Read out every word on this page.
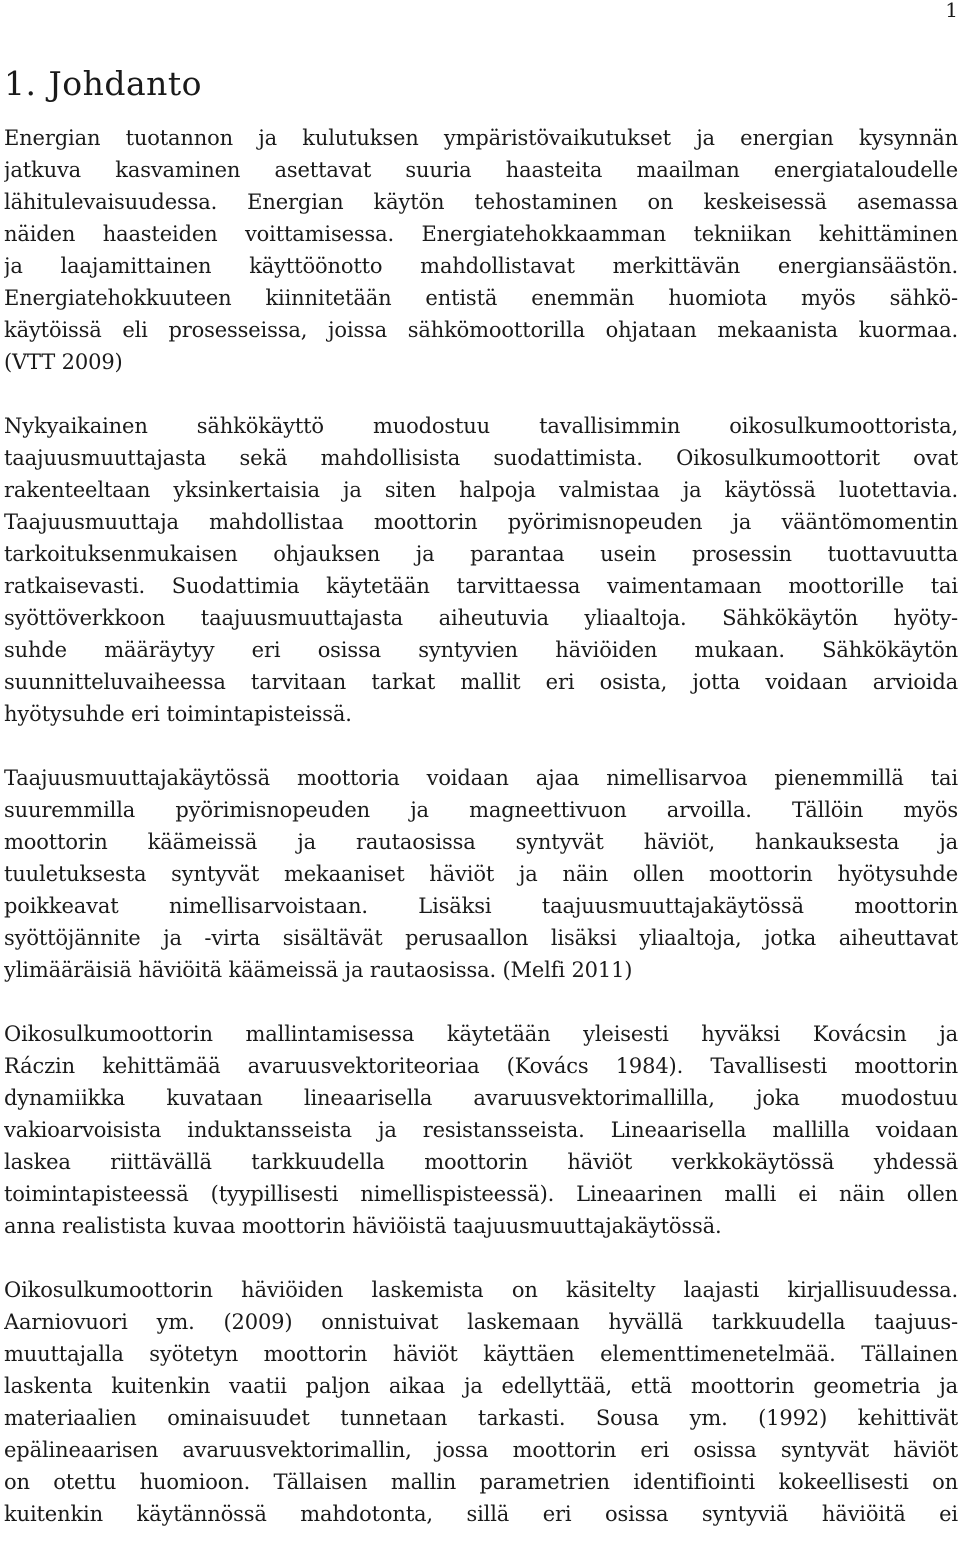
1
1. Johdanto

Energian tuotannon ja kulutuksen ympäristövaikutukset ja energian kysynnän
jatkuva kasvaminen asettavat suuria haasteita maailman energiataloudelle
lähitulevaisuudessa. Energian käytön tehostaminen on keskeisessä asemassa
näiden haasteiden voittamisessa. Energiatehokkaamman tekniikan kehittäminen
ja laajamittainen käyttöönotto mahdollistavat merkittävän energiansäästön.
Energiatehokkuuteen kiinnitetään entistä enemmän huomiota myös sähkö-
käytöissä eli prosesseissa, joissa sähkömoottorilla ohjataan mekaanista kuormaa.
(VTT 2009)

Nykyaikainen sähkökäyttö muodostuu tavallisimmin oikosulkumoottorista,
taajuusmuuttajasta sekä mahdollisista suodattimista. Oikosulkumoottorit ovat
rakenteeltaan yksinkertaisia ja siten halpoja valmistaa ja käytössä luotettavia.
Taajuusmuuttaja mahdollistaa moottorin pyörimisnopeuden ja vääntömomentin
tarkoituksenmukaisen ohjauksen ja parantaa usein prosessin tuottavuutta
ratkaisevasti. Suodattimia käytetään tarvittaessa vaimentamaan moottorille tai
syöttöverkkoon taajuusmuuttajasta aiheutuvia yliaaltoja. Sähkökäytön hyöty-
suhde määräytyy eri osissa syntyvien häviöiden mukaan. Sähkökäytön
suunnitteluvaiheessa tarvitaan tarkat mallit eri osista, jotta voidaan arvioida
hyötysuhde eri toimintapisteissä.

Taajuusmuuttajakäytössä moottoria voidaan ajaa nimellisarvoa pienemmillä tai
suuremmilla pyörimisnopeuden ja magneettivuon arvoilla. Tällöin myös
moottorin käämeissä ja rautaosissa syntyvät häviöt, hankauksesta ja
tuuletuksesta syntyvät mekaaniset häviöt ja näin ollen moottorin hyötysuhde
poikkeavat nimellisarvoistaan. Lisäksi taajuusmuuttajakäytössä moottorin
syöttöjännite ja -virta sisältävät perusaallon lisäksi yliaaltoja, jotka aiheuttavat
ylimääräisiä häviöitä käämeissä ja rautaosissa. (Melfi 2011)

Oikosulkumoottorin mallintamisessa käytetään yleisesti hyväksi Kovácsin ja
Ráczin kehittämää avaruusvektoriteoriaa (Kovács 1984). Tavallisesti moottorin
dynamiikka kuvataan lineaarisella avaruusvektorimallilla, joka muodostuu
vakioarvoisista induktansseista ja resistansseista. Lineaarisella mallilla voidaan
laskea riittävällä tarkkuudella moottorin häviöt verkkokäytössä yhdessä
toimintapisteessä (tyypillisesti nimellispisteessä). Lineaarinen malli ei näin ollen
anna realistista kuvaa moottorin häviöistä taajuusmuuttajakäytössä.

Oikosulkumoottorin häviöiden laskemista on käsitelty laajasti kirjallisuudessa.
Aarniovuori ym. (2009) onnistuivat laskemaan hyvällä tarkkuudella taajuus-
muuttajalla syötetyn moottorin häviöt käyttäen elementtimenetelmää. Tällainen
laskenta kuitenkin vaatii paljon aikaa ja edellyttää, että moottorin geometria ja
materiaalien ominaisuudet tunnetaan tarkasti. Sousa ym. (1992) kehittivät
epälineaarisen avaruusvektorimallin, jossa moottorin eri osissa syntyvät häviöt
on otettu huomioon. Tällaisen mallin parametrien identifiointi kokeellisesti on
kuitenkin käytännössä mahdotonta, sillä eri osissa syntyviä häviöitä ei
